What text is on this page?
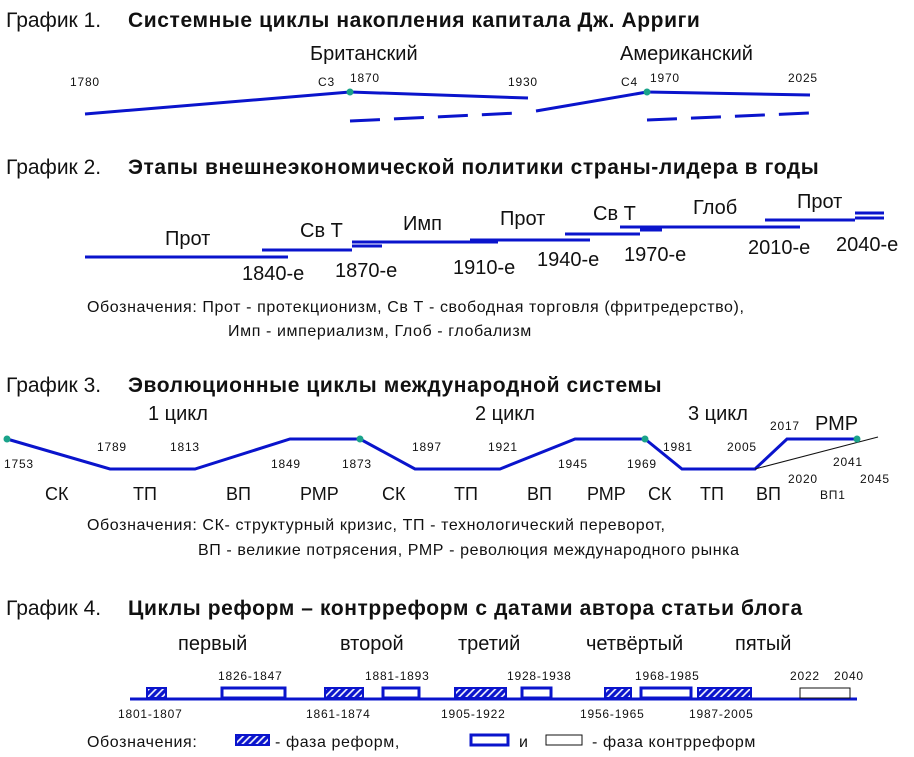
График 1. Системные циклы накопления капитала Дж. Арриги
Британский	Американский
1780	С3 1870	1930	С4 1970	2025
График 2. Этапы внешнеэкономической политики страны-лидера в годы
Прот	Св Т	Имп	Прот Св Т	Глоб	Прот
1840-е 1870-е	1910-е 1940-е 1970-е	2010-е 2040-е
Обозначения: Прот - протекционизм, Св Т - свободная торговля (фритредерство),
Имп - империализм, Глоб - глобализм
График 3. Эволюционные циклы международной системы
1 цикл	2 цикл	3 цикл	РМР
1753
1789	1813
1849	1873
1897	1921
1945	1969
1981	2005
2017
2020
2041
2045
СК	ТП	ВП	РМР СК	ТП	ВП РМР СК ТП ВП	ВП1
Обозначения: СК- структурный кризис, ТП - технологический переворот,
ВП - великие потрясения, РМР - революция международного рынка
График 4. Циклы реформ – контрреформ с датами автора статьи блога
первый	второй	третий	четвёртый	пятый
1826-1847	1881-1893	1928-1938	1968-1985	2022 2040
1801-1807	1861-1874	1905-1922	1956-1965	1987-2005
Обозначения:	- фаза реформ,	и	- фаза контрреформ
